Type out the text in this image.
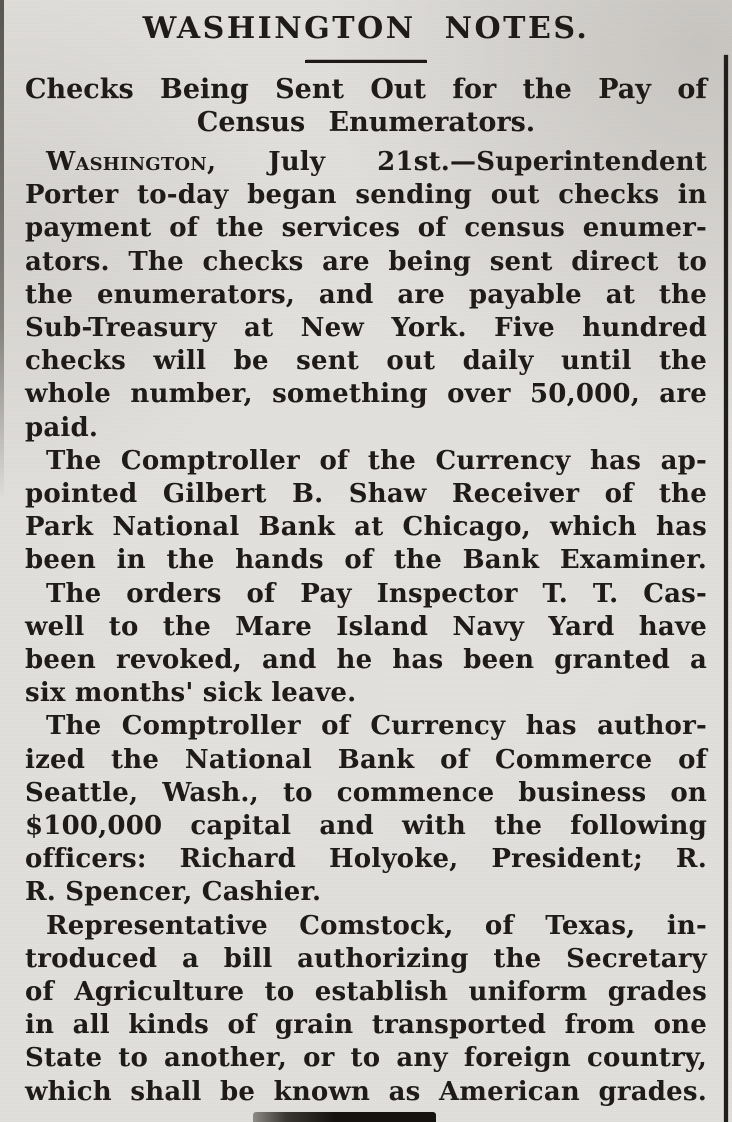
WASHINGTON NOTES.
Checks Being Sent Out for the Pay of
Census Enumerators.
Washington, July 21st.—Superintendent
Porter to-day began sending out checks in
payment of the services of census enumer-
ators. The checks are being sent direct to
the enumerators, and are payable at the
Sub-Treasury at New York. Five hundred
checks will be sent out daily until the
whole number, something over 50,000, are
paid.
The Comptroller of the Currency has ap-
pointed Gilbert B. Shaw Receiver of the
Park National Bank at Chicago, which has
been in the hands of the Bank Examiner.
The orders of Pay Inspector T. T. Cas-
well to the Mare Island Navy Yard have
been revoked, and he has been granted a
six months' sick leave.
The Comptroller of Currency has author-
ized the National Bank of Commerce of
Seattle, Wash., to commence business on
$100,000 capital and with the following
officers: Richard Holyoke, President; R.
R. Spencer, Cashier.
Representative Comstock, of Texas, in-
troduced a bill authorizing the Secretary
of Agriculture to establish uniform grades
in all kinds of grain transported from one
State to another, or to any foreign country,
which shall be known as American grades.
